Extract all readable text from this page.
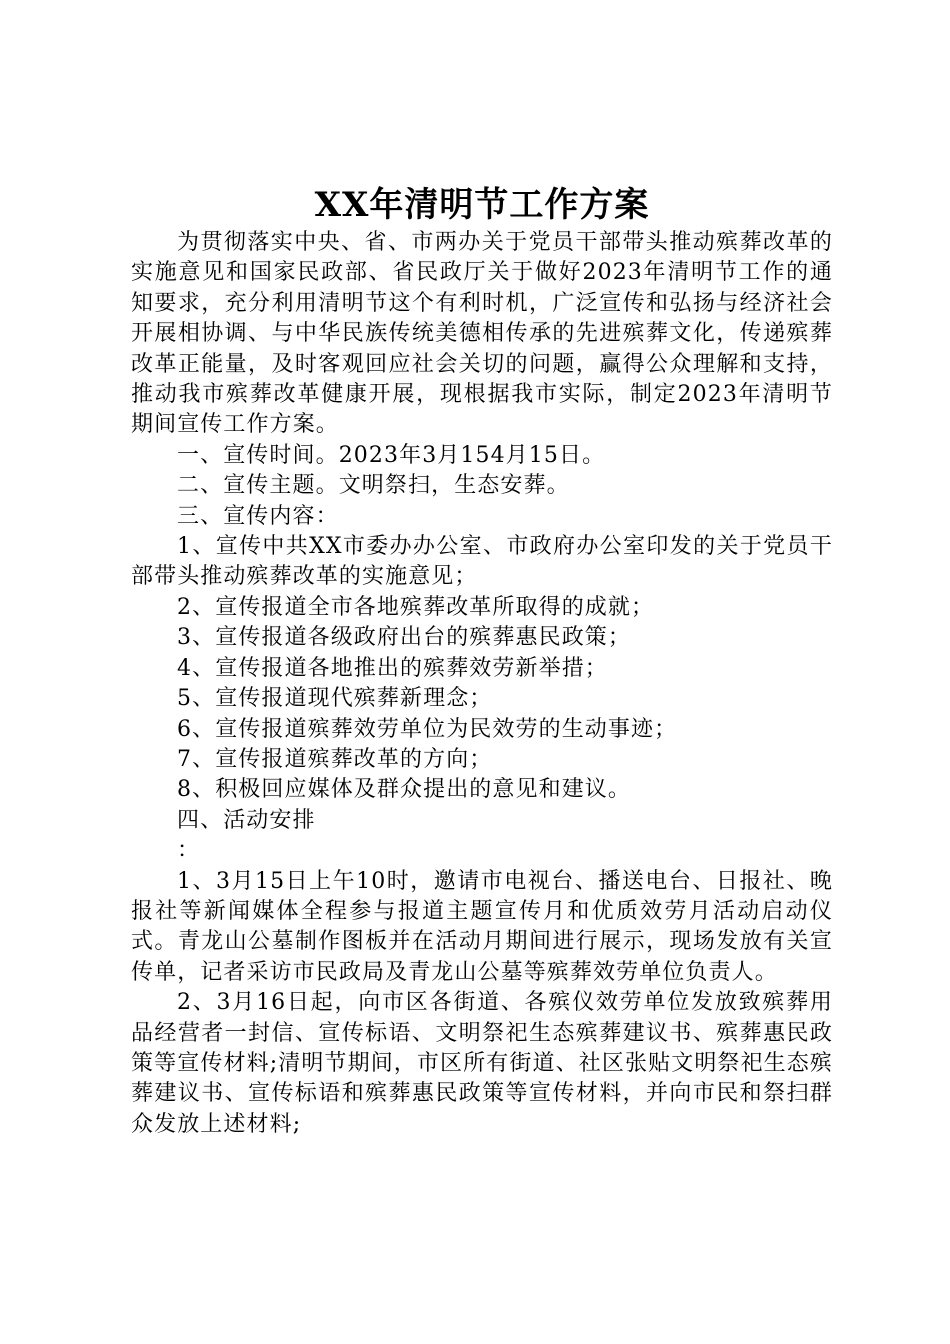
XX年清明节工作方案

为贯彻落实中央、省、市两办关于党员干部带头推动殡葬改革的实施意见和国家民政部、省民政厅关于做好2023年清明节工作的通知要求，充分利用清明节这个有利时机，广泛宣传和弘扬与经济社会开展相协调、与中华民族传统美德相传承的先进殡葬文化，传递殡葬改革正能量，及时客观回应社会关切的问题，赢得公众理解和支持，推动我市殡葬改革健康开展，现根据我市实际，制定2023年清明节期间宣传工作方案。

一、宣传时间。2023年3月154月15日。

二、宣传主题。文明祭扫，生态安葬。

三、宣传内容：

1、宣传中共XX市委办办公室、市政府办公室印发的关于党员干部带头推动殡葬改革的实施意见；

2、宣传报道全市各地殡葬改革所取得的成就；

3、宣传报道各级政府出台的殡葬惠民政策；

4、宣传报道各地推出的殡葬效劳新举措；

5、宣传报道现代殡葬新理念；

6、宣传报道殡葬效劳单位为民效劳的生动事迹；

7、宣传报道殡葬改革的方向；

8、积极回应媒体及群众提出的意见和建议。

四、活动安排

：

1、3月15日上午10时，邀请市电视台、播送电台、日报社、晚报社等新闻媒体全程参与报道主题宣传月和优质效劳月活动启动仪式。青龙山公墓制作图板并在活动月期间进行展示，现场发放有关宣传单，记者采访市民政局及青龙山公墓等殡葬效劳单位负责人。

2、3月16日起，向市区各街道、各殡仪效劳单位发放致殡葬用品经营者一封信、宣传标语、文明祭祀生态殡葬建议书、殡葬惠民政策等宣传材料;清明节期间，市区所有街道、社区张贴文明祭祀生态殡葬建议书、宣传标语和殡葬惠民政策等宣传材料，并向市民和祭扫群众发放上述材料;
